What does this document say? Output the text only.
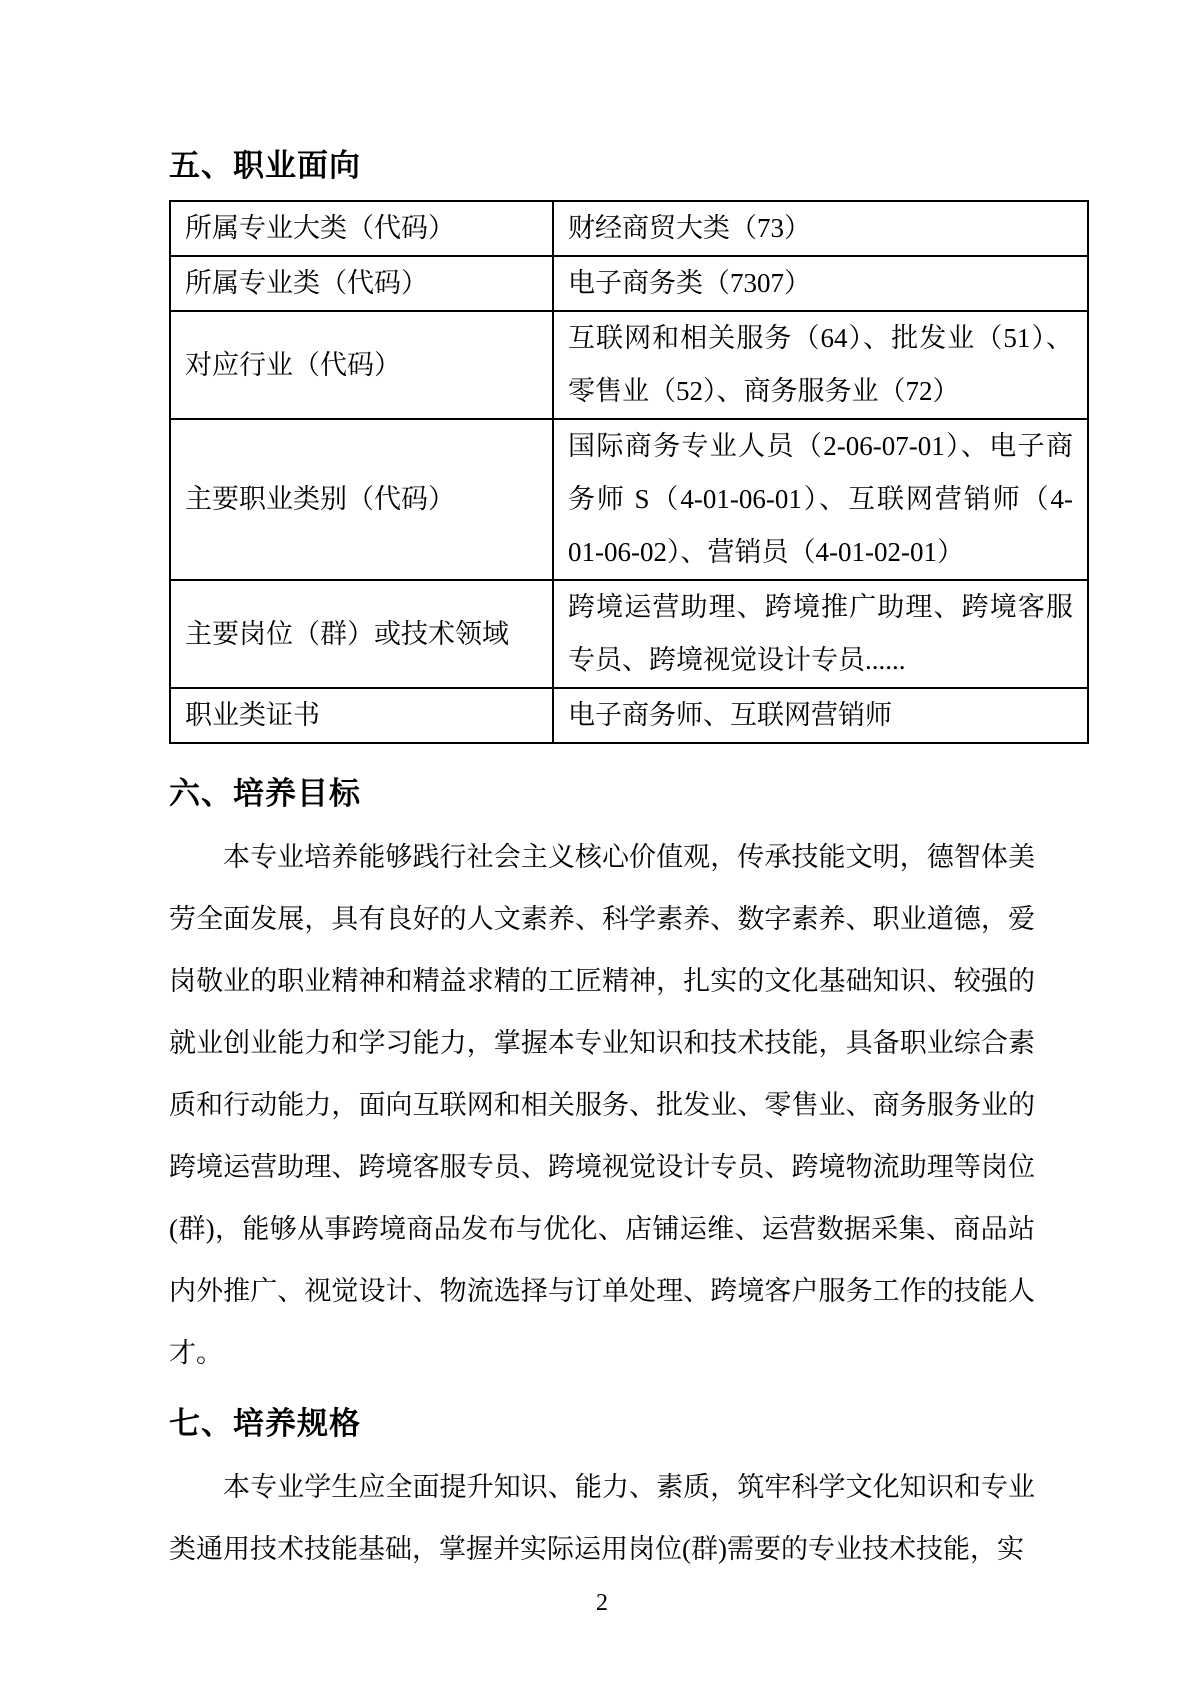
五、职业面向
所属专业大类（代码）	财经商贸大类（73）
所属专业类（代码）	电子商务类（7307）
对应行业（代码）	互联网和相关服务（64）、批发业（51）、零售业（52）、商务服务业（72）
主要职业类别（代码）	国际商务专业人员（2-06-07-01）、电子商务师 S（4-01-06-01）、互联网营销师（4-01-06-02）、营销员（4-01-02-01）
主要岗位（群）或技术领域	跨境运营助理、跨境推广助理、跨境客服专员、跨境视觉设计专员......
职业类证书	电子商务师、互联网营销师
六、培养目标

本专业培养能够践行社会主义核心价值观，传承技能文明，德智体美劳全面发展，具有良好的人文素养、科学素养、数字素养、职业道德，爱岗敬业的职业精神和精益求精的工匠精神，扎实的文化基础知识、较强的就业创业能力和学习能力，掌握本专业知识和技术技能，具备职业综合素质和行动能力，面向互联网和相关服务、批发业、零售业、商务服务业的跨境运营助理、跨境客服专员、跨境视觉设计专员、跨境物流助理等岗位(群)，能够从事跨境商品发布与优化、店铺运维、运营数据采集、商品站内外推广、视觉设计、物流选择与订单处理、跨境客户服务工作的技能人才。

七、培养规格

本专业学生应全面提升知识、能力、素质，筑牢科学文化知识和专业类通用技术技能基础，掌握并实际运用岗位(群)需要的专业技术技能，实

2
